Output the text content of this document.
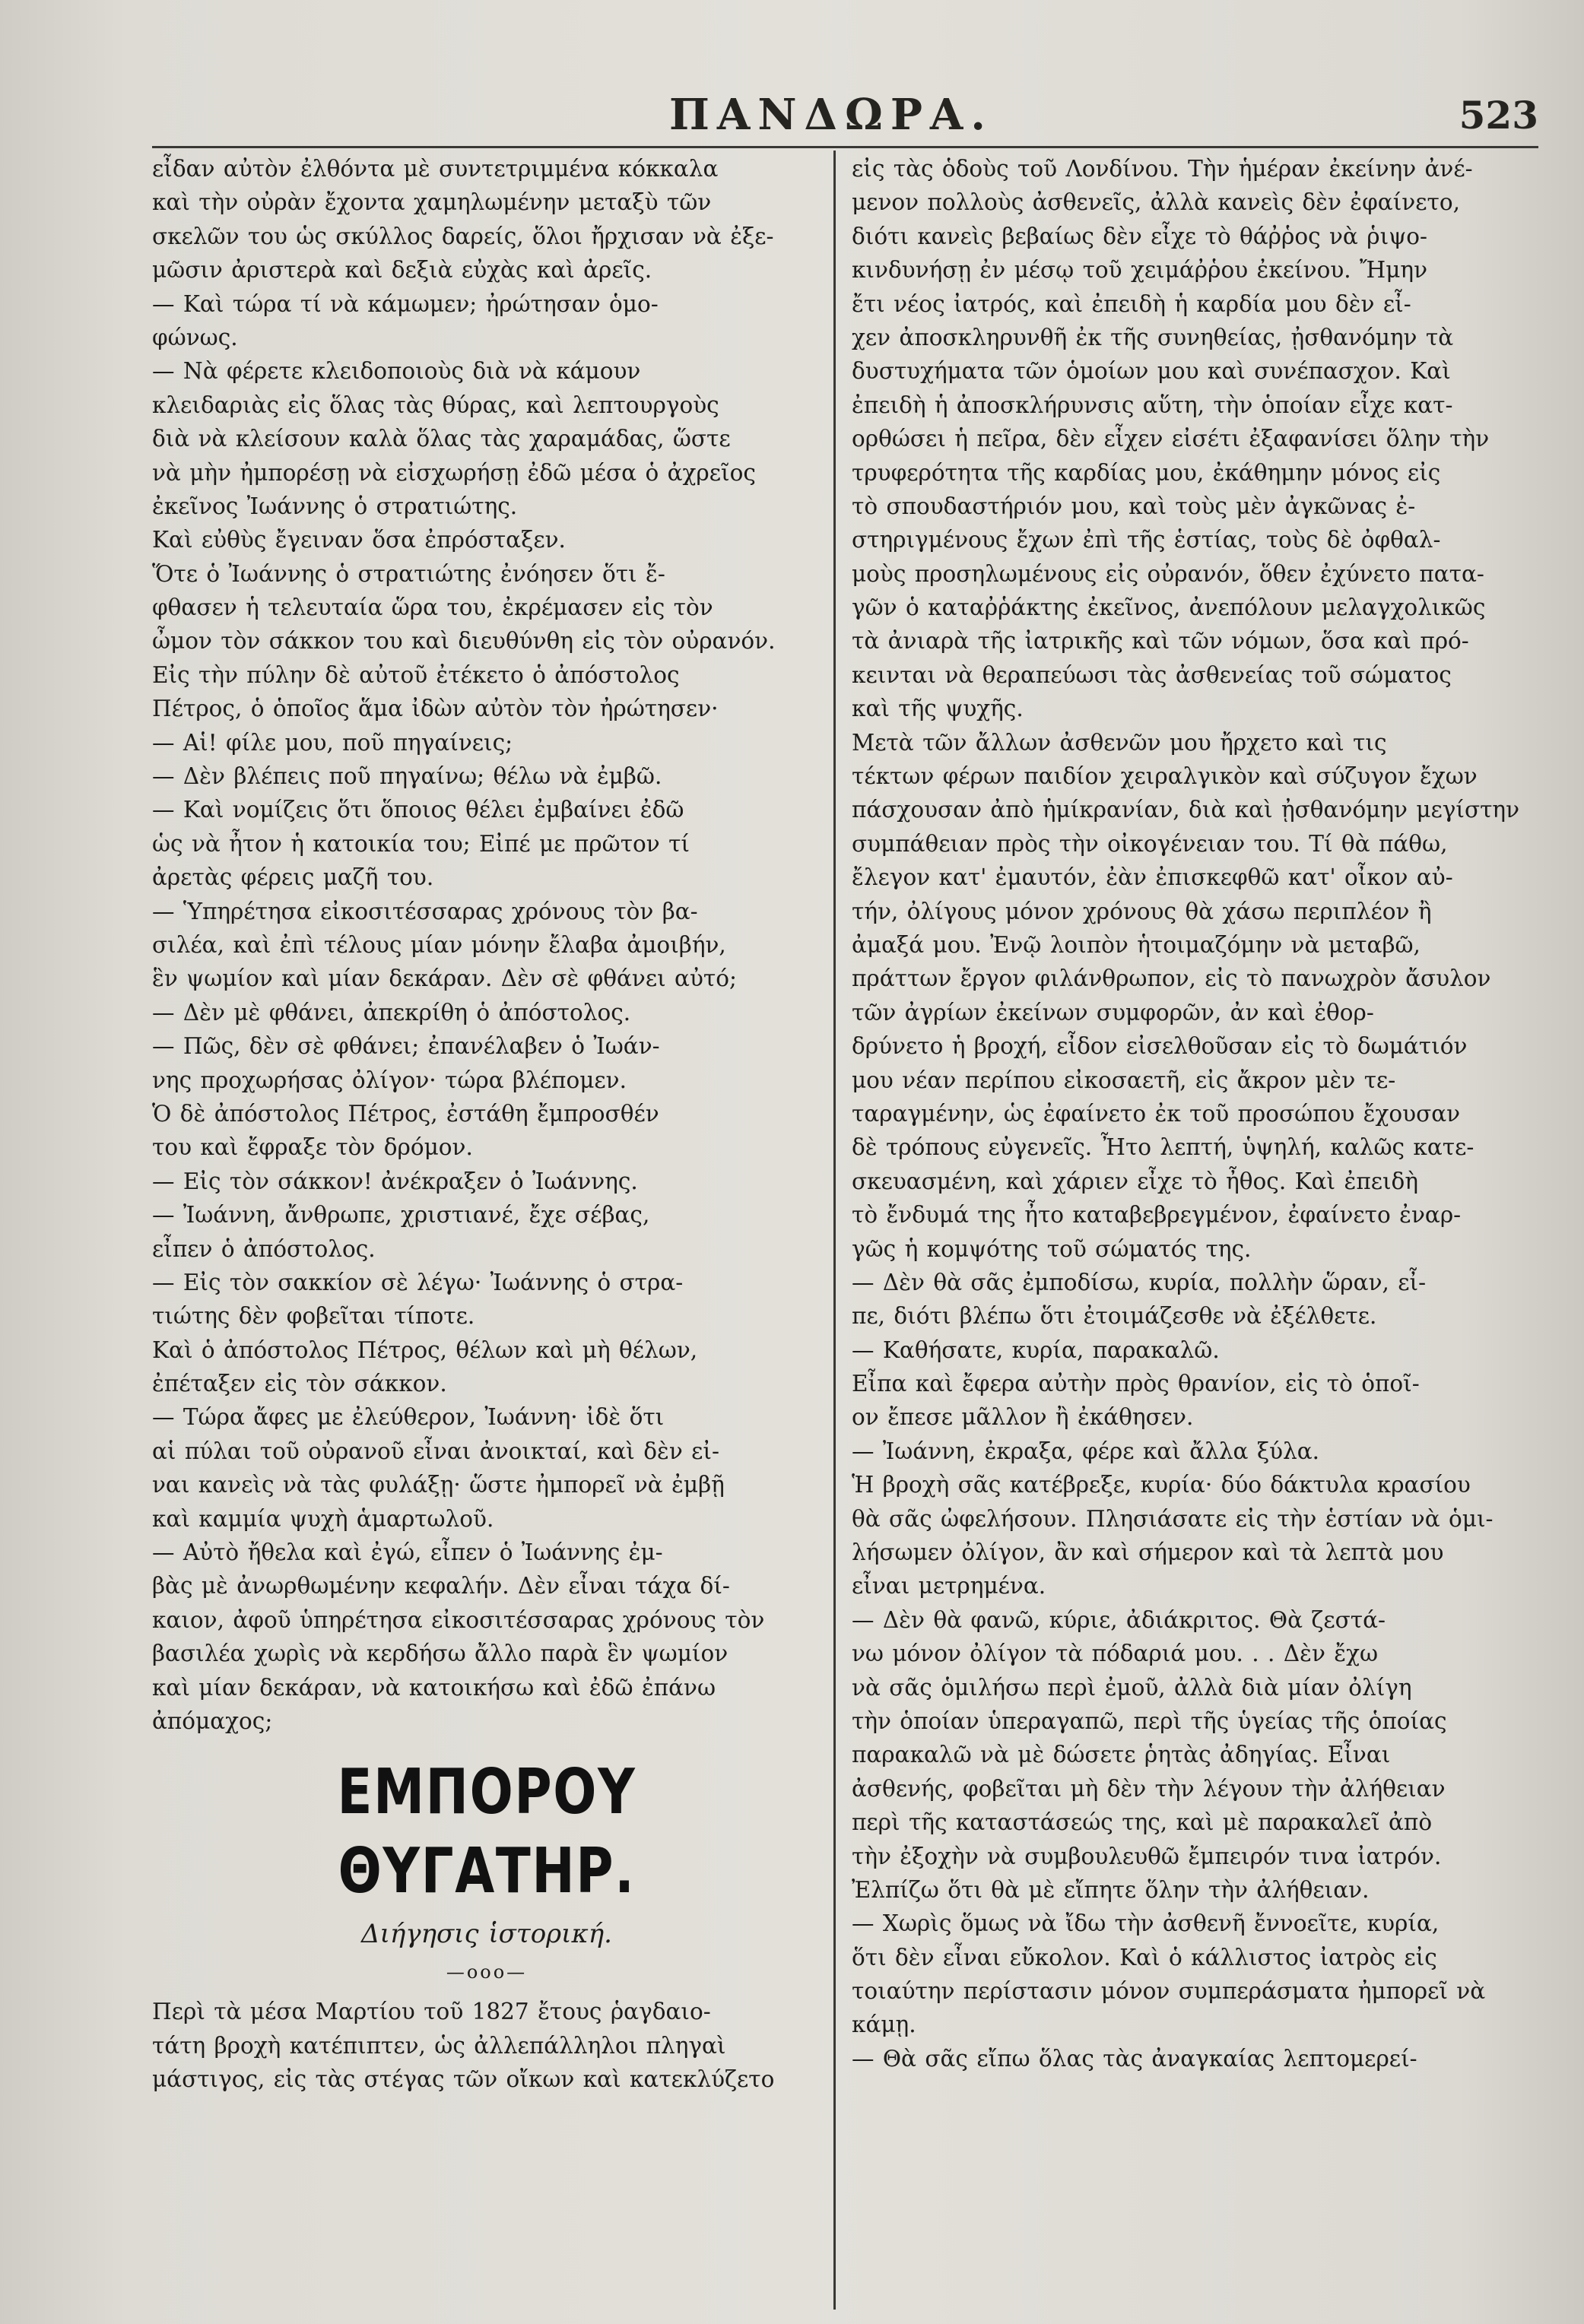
ΠΑΝΔΩΡΑ.	523
εἶδαν αὐτὸν ἐλθόντα μὲ συντετριμμένα κόκκαλα
καὶ τὴν οὐρὰν ἔχοντα χαμηλωμένην μεταξὺ τῶν
σκελῶν του ὡς σκύλλος δαρείς, ὅλοι ἤρχισαν νὰ ἐξε-
μῶσιν ἀριστερὰ καὶ δεξιὰ εὐχὰς καὶ ἀρεῖς.
— Καὶ τώρα τί νὰ κάμωμεν; ἠρώτησαν ὁμο-
φώνως.
— Νὰ φέρετε κλειδοποιοὺς διὰ νὰ κάμουν
κλειδαριὰς εἰς ὅλας τὰς θύρας, καὶ λεπτουργοὺς
διὰ νὰ κλείσουν καλὰ ὅλας τὰς χαραμάδας, ὥστε
νὰ μὴν ἠμπορέσῃ νὰ εἰσχωρήσῃ ἐδῶ μέσα ὁ ἀχρεῖος
ἐκεῖνος Ἰωάννης ὁ στρατιώτης.
Καὶ εὐθὺς ἔγειναν ὅσα ἐπρόσταξεν.
Ὅτε ὁ Ἰωάννης ὁ στρατιώτης ἐνόησεν ὅτι ἔ-
φθασεν ἡ τελευταία ὥρα του, ἐκρέμασεν εἰς τὸν
ὦμον τὸν σάκκον του καὶ διευθύνθη εἰς τὸν οὐρανόν.
Εἰς τὴν πύλην δὲ αὐτοῦ ἐτέκετο ὁ ἀπόστολος
Πέτρος, ὁ ὁποῖος ἅμα ἰδὼν αὐτὸν τὸν ἠρώτησεν·
— Αἱ! φίλε μου, ποῦ πηγαίνεις;
— Δὲν βλέπεις ποῦ πηγαίνω; θέλω νὰ ἐμβῶ.
— Καὶ νομίζεις ὅτι ὅποιος θέλει ἐμβαίνει ἐδῶ
ὡς νὰ ἦτον ἡ κατοικία του; Εἰπέ με πρῶτον τί
ἀρετὰς φέρεις μαζῆ του.
— Ὑπηρέτησα εἰκοσιτέσσαρας χρόνους τὸν βα-
σιλέα, καὶ ἐπὶ τέλους μίαν μόνην ἔλαβα ἀμοιβήν,
ἓν ψωμίον καὶ μίαν δεκάραν. Δὲν σὲ φθάνει αὐτό;
— Δὲν μὲ φθάνει, ἀπεκρίθη ὁ ἀπόστολος.
— Πῶς, δὲν σὲ φθάνει; ἐπανέλαβεν ὁ Ἰωάν-
νης προχωρήσας ὀλίγον· τώρα βλέπομεν.
Ὁ δὲ ἀπόστολος Πέτρος, ἐστάθη ἔμπροσθέν
του καὶ ἔφραξε τὸν δρόμον.
— Εἰς τὸν σάκκον! ἀνέκραξεν ὁ Ἰωάννης.
— Ἰωάννη, ἄνθρωπε, χριστιανέ, ἔχε σέβας,
εἶπεν ὁ ἀπόστολος.
— Εἰς τὸν σακκίον σὲ λέγω· Ἰωάννης ὁ στρα-
τιώτης δὲν φοβεῖται τίποτε.
Καὶ ὁ ἀπόστολος Πέτρος, θέλων καὶ μὴ θέλων,
ἐπέταξεν εἰς τὸν σάκκον.
— Τώρα ἄφες με ἐλεύθερον, Ἰωάννη· ἰδὲ ὅτι
αἱ πύλαι τοῦ οὐρανοῦ εἶναι ἀνοικταί, καὶ δὲν εἰ-
ναι κανεὶς νὰ τὰς φυλάξῃ· ὥστε ἠμπορεῖ νὰ ἐμβῇ
καὶ καμμία ψυχὴ ἁμαρτωλοῦ.
— Αὐτὸ ἤθελα καὶ ἐγώ, εἶπεν ὁ Ἰωάννης ἐμ-
βὰς μὲ ἀνωρθωμένην κεφαλήν. Δὲν εἶναι τάχα δί-
καιον, ἀφοῦ ὑπηρέτησα εἰκοσιτέσσαρας χρόνους τὸν
βασιλέα χωρὶς νὰ κερδήσω ἄλλο παρὰ ἓν ψωμίον
καὶ μίαν δεκάραν, νὰ κατοικήσω καὶ ἐδῶ ἐπάνω
ἀπόμαχος;
ΕΜΠΟΡΟΥ ΘΥΓΑΤΗΡ.
Διήγησις ἱστορική.
—ooo—
Περὶ τὰ μέσα Μαρτίου τοῦ 1827 ἔτους ῥαγδαιο-
τάτη βροχὴ κατέπιπτεν, ὡς ἀλλεπάλληλοι πληγαὶ
μάστιγος, εἰς τὰς στέγας τῶν οἴκων καὶ κατεκλύζετο
εἰς τὰς ὁδοὺς τοῦ Λονδίνου. Τὴν ἡμέραν ἐκείνην ἀνέ-
μενον πολλοὺς ἀσθενεῖς, ἀλλὰ κανεὶς δὲν ἐφαίνετο,
διότι κανεὶς βεβαίως δὲν εἶχε τὸ θάῤῥος νὰ ῥιψο-
κινδυνήσῃ ἐν μέσῳ τοῦ χειμάῤῥου ἐκείνου. Ἤμην
ἔτι νέος ἰατρός, καὶ ἐπειδὴ ἡ καρδία μου δὲν εἶ-
χεν ἀποσκληρυνθῆ ἐκ τῆς συνηθείας, ᾐσθανόμην τὰ
δυστυχήματα τῶν ὁμοίων μου καὶ συνέπασχον. Καὶ
ἐπειδὴ ἡ ἀποσκλήρυνσις αὕτη, τὴν ὁποίαν εἶχε κατ-
ορθώσει ἡ πεῖρα, δὲν εἶχεν εἰσέτι ἐξαφανίσει ὅλην τὴν
τρυφερότητα τῆς καρδίας μου, ἐκάθημην μόνος εἰς
τὸ σπουδαστήριόν μου, καὶ τοὺς μὲν ἀγκῶνας ἐ-
στηριγμένους ἔχων ἐπὶ τῆς ἑστίας, τοὺς δὲ ὀφθαλ-
μοὺς προσηλωμένους εἰς οὐρανόν, ὅθεν ἐχύνετο πατα-
γῶν ὁ καταῤῥάκτης ἐκεῖνος, ἀνεπόλουν μελαγχολικῶς
τὰ ἀνιαρὰ τῆς ἰατρικῆς καὶ τῶν νόμων, ὅσα καὶ πρό-
κεινται νὰ θεραπεύωσι τὰς ἀσθενείας τοῦ σώματος
καὶ τῆς ψυχῆς.
Μετὰ τῶν ἄλλων ἀσθενῶν μου ἤρχετο καὶ τις
τέκτων φέρων παιδίον χειραλγικὸν καὶ σύζυγον ἔχων
πάσχουσαν ἀπὸ ἡμίκρανίαν, διὰ καὶ ᾐσθανόμην μεγίστην
συμπάθειαν πρὸς τὴν οἰκογένειαν του. Τί θὰ πάθω,
ἔλεγον κατ' ἐμαυτόν, ἐὰν ἐπισκεφθῶ κατ' οἶκον αὐ-
τήν, ὀλίγους μόνον χρόνους θὰ χάσω περιπλέον ἢ
ἀμαξά μου. Ἐνῷ λοιπὸν ἡτοιμαζόμην νὰ μεταβῶ,
πράττων ἔργον φιλάνθρωπον, εἰς τὸ πανωχρὸν ἄσυλον
τῶν ἀγρίων ἐκείνων συμφορῶν, ἀν καὶ ἐθορ-
δρύνετο ἡ βροχή, εἶδον εἰσελθοῦσαν εἰς τὸ δωμάτιόν
μου νέαν περίπου εἰκοσαετῆ, εἰς ἄκρον μὲν τε-
ταραγμένην, ὡς ἐφαίνετο ἐκ τοῦ προσώπου ἔχουσαν
δὲ τρόπους εὐγενεῖς. Ἦτο λεπτή, ὑψηλή, καλῶς κατε-
σκευασμένη, καὶ χάριεν εἶχε τὸ ἦθος. Καὶ ἐπειδὴ
τὸ ἔνδυμά της ἦτο καταβεβρεγμένον, ἐφαίνετο ἐναρ-
γῶς ἡ κομψότης τοῦ σώματός της.
— Δὲν θὰ σᾶς ἐμποδίσω, κυρία, πολλὴν ὥραν, εἶ-
πε, διότι βλέπω ὅτι ἐτοιμάζεσθε νὰ ἐξέλθετε.
— Καθήσατε, κυρία, παρακαλῶ.
Εἶπα καὶ ἔφερα αὐτὴν πρὸς θρανίον, εἰς τὸ ὁποῖ-
ον ἔπεσε μᾶλλον ἢ ἐκάθησεν.
— Ἰωάννη, ἐκραξα, φέρε καὶ ἄλλα ξύλα.
Ἡ βροχὴ σᾶς κατέβρεξε, κυρία· δύο δάκτυλα κρασίου
θὰ σᾶς ὠφελήσουν. Πλησιάσατε εἰς τὴν ἑστίαν νὰ ὁμι-
λήσωμεν ὀλίγον, ἂν καὶ σήμερον καὶ τὰ λεπτὰ μου
εἶναι μετρημένα.
— Δὲν θὰ φανῶ, κύριε, ἀδιάκριτος. Θὰ ζεστά-
νω μόνον ὀλίγον τὰ πόδαριά μου. . . Δὲν ἔχω
νὰ σᾶς ὁμιλήσω περὶ ἐμοῦ, ἀλλὰ διὰ μίαν ὀλίγη
τὴν ὁποίαν ὑπεραγαπῶ, περὶ τῆς ὑγείας τῆς ὁποίας
παρακαλῶ νὰ μὲ δώσετε ῥητὰς ἀδηγίας. Εἶναι
ἀσθενής, φοβεῖται μὴ δὲν τὴν λέγουν τὴν ἀλήθειαν
περὶ τῆς καταστάσεώς της, καὶ μὲ παρακαλεῖ ἀπὸ
τὴν ἐξοχὴν νὰ συμβουλευθῶ ἔμπειρόν τινα ἰατρόν.
Ἐλπίζω ὅτι θὰ μὲ εἴπητε ὅλην τὴν ἀλήθειαν.
— Χωρὶς ὅμως νὰ ἴδω τὴν ἀσθενῆ ἔννοεῖτε, κυρία,
ὅτι δὲν εἶναι εὔκολον. Καὶ ὁ κάλλιστος ἰατρὸς εἰς
τοιαύτην περίστασιν μόνον συμπεράσματα ἠμπορεῖ νὰ
κάμῃ.
— Θὰ σᾶς εἴπω ὅλας τὰς ἀναγκαίας λεπτομερεί-
